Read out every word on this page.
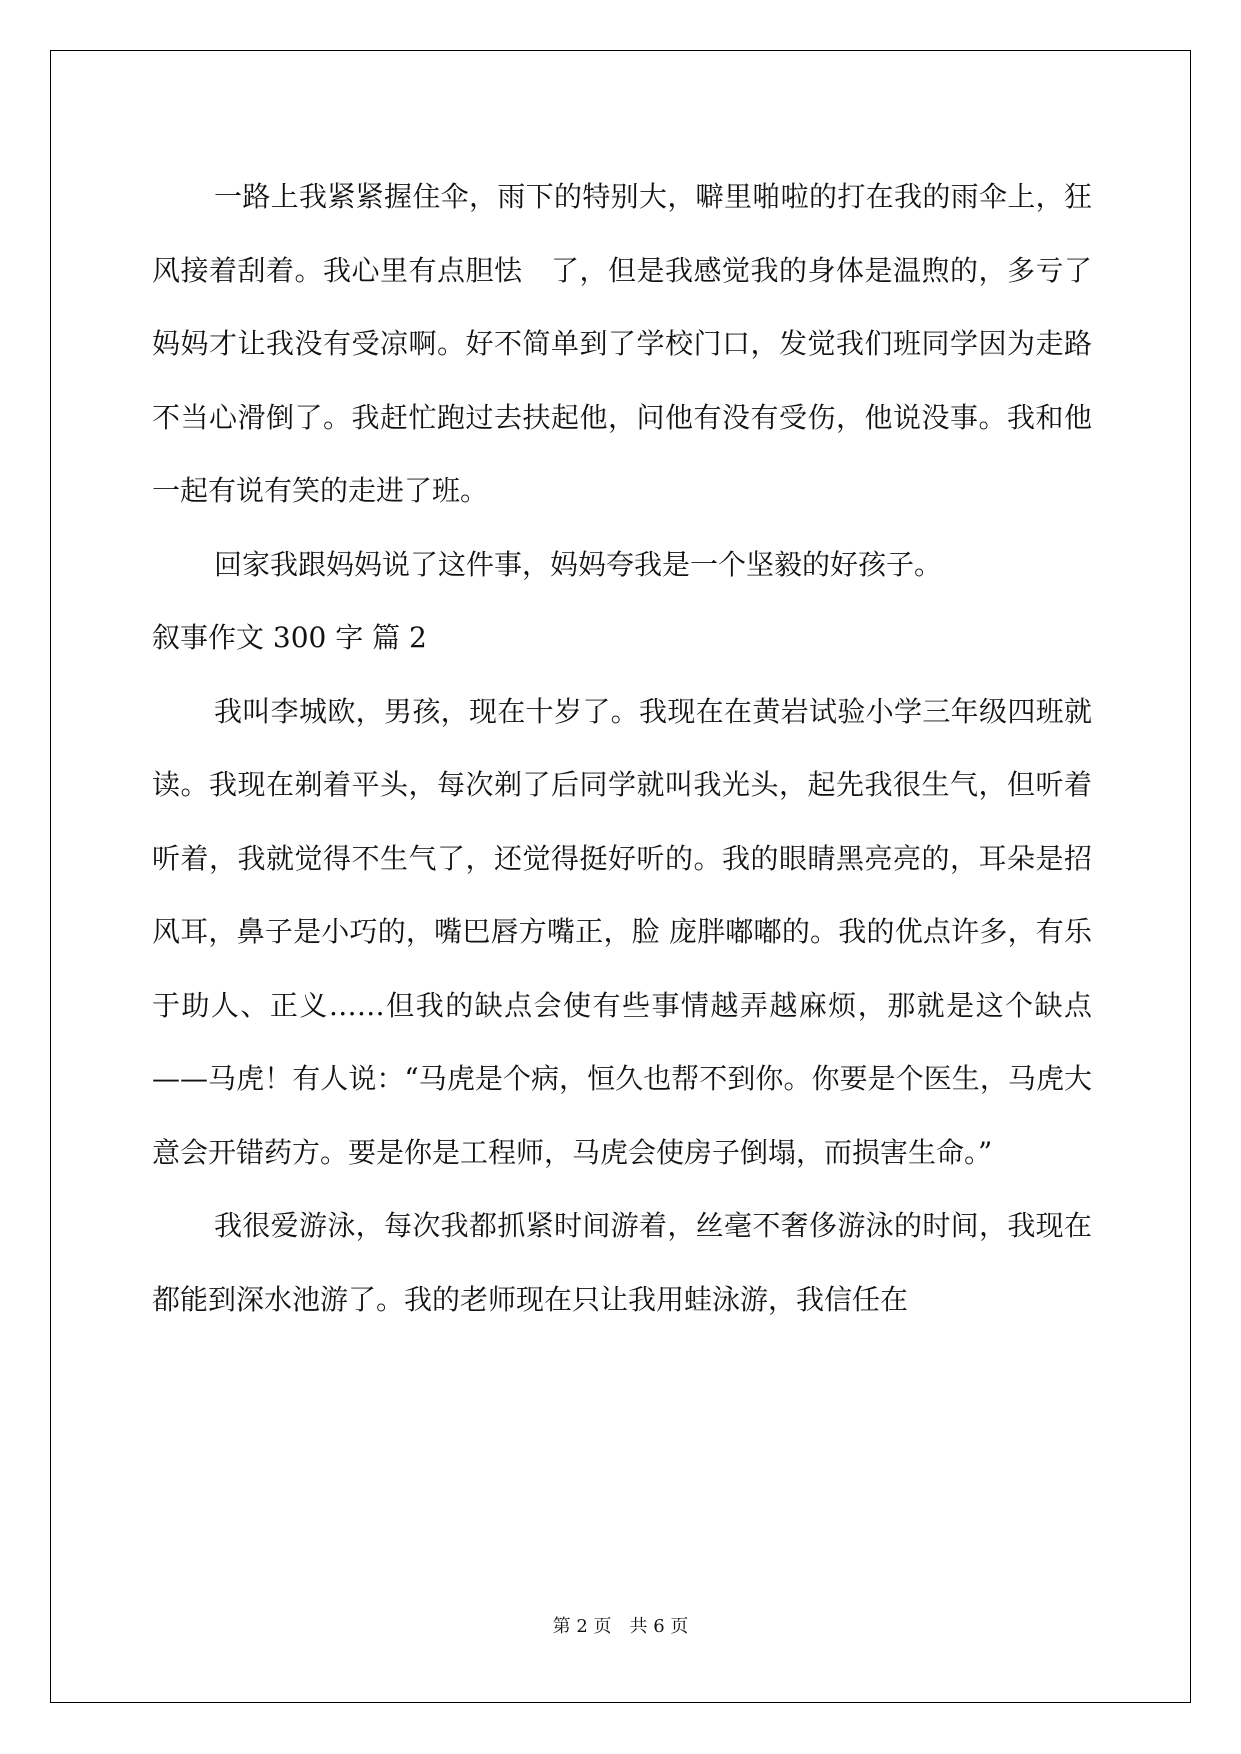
一路上我紧紧握住伞，雨下的特别大，噼里啪啦的打在我的雨伞上，狂风接着刮着。我心里有点胆怯　了，但是我感觉我的身体是温煦的，多亏了妈妈才让我没有受凉啊。好不简单到了学校门口，发觉我们班同学因为走路不当心滑倒了。我赶忙跑过去扶起他，问他有没有受伤，他说没事。我和他一起有说有笑的走进了班。

回家我跟妈妈说了这件事，妈妈夸我是一个坚毅的好孩子。

叙事作文 300 字 篇 2

我叫李城欧，男孩，现在十岁了。我现在在黄岩试验小学三年级四班就读。我现在剃着平头，每次剃了后同学就叫我光头，起先我很生气，但听着听着，我就觉得不生气了，还觉得挺好听的。我的眼睛黑亮亮的，耳朵是招风耳，鼻子是小巧的，嘴巴唇方嘴正，脸 庞胖嘟嘟的。我的优点许多，有乐于助人、正义……但我的缺点会使有些事情越弄越麻烦，那就是这个缺点——马虎！有人说：“马虎是个病，恒久也帮不到你。你要是个医生，马虎大意会开错药方。要是你是工程师，马虎会使房子倒塌，而损害生命。”

我很爱游泳，每次我都抓紧时间游着，丝毫不奢侈游泳的时间，我现在都能到深水池游了。我的老师现在只让我用蛙泳游，我信任在

第 2 页　共 6 页
